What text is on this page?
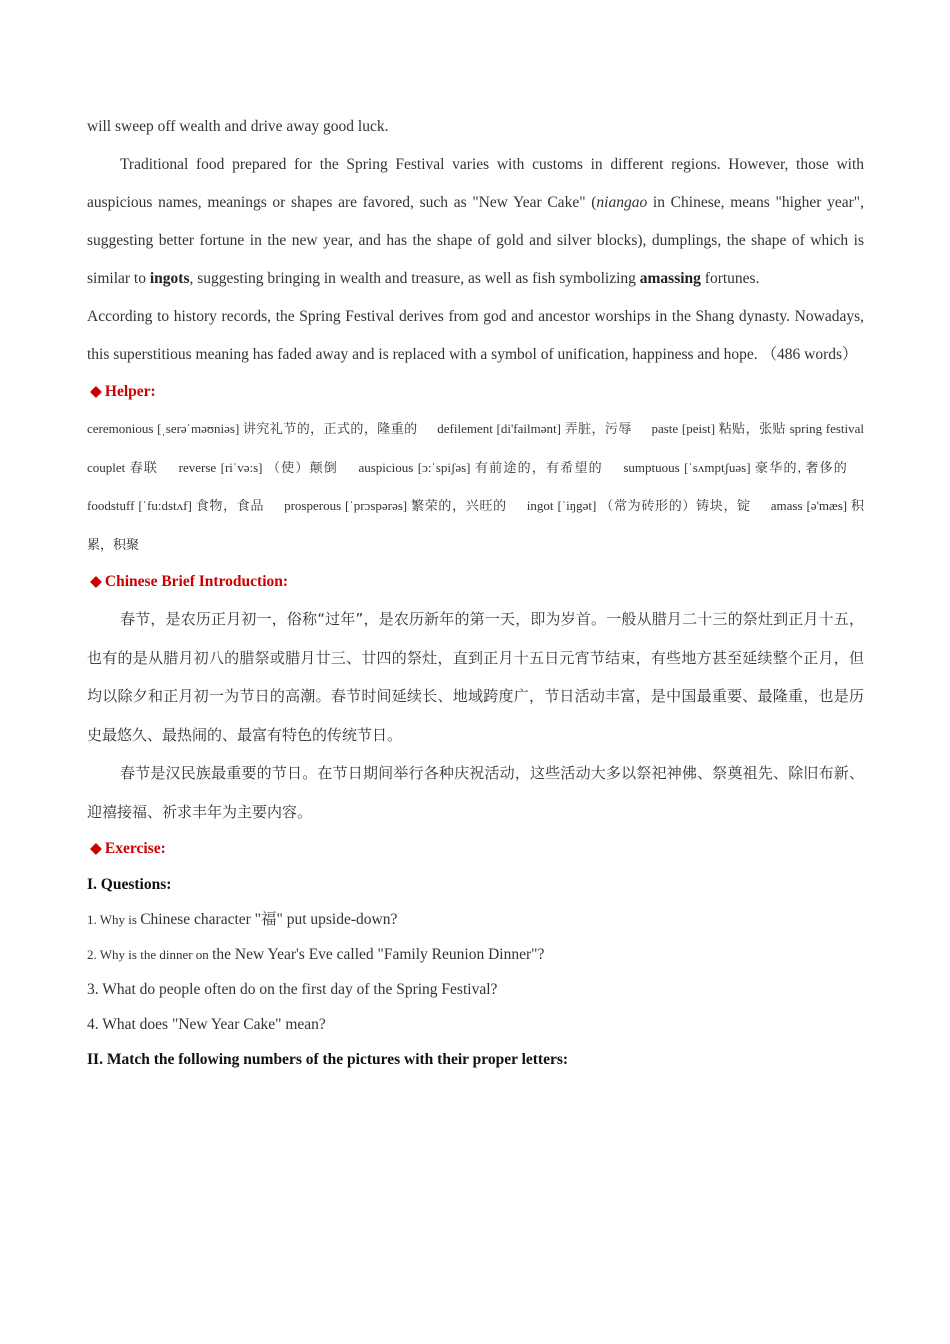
will sweep off wealth and drive away good luck.

Traditional food prepared for the Spring Festival varies with customs in different regions. However, those with auspicious names, meanings or shapes are favored, such as "New Year Cake" (niangao in Chinese, means "higher year", suggesting better fortune in the new year, and has the shape of gold and silver blocks), dumplings, the shape of which is similar to ingots, suggesting bringing in wealth and treasure, as well as fish symbolizing amassing fortunes.

According to history records, the Spring Festival derives from god and ancestor worships in the Shang dynasty. Nowadays, this superstitious meaning has faded away and is replaced with a symbol of unification, happiness and hope. （486 words）

◆ Helper:

ceremonious [ˌserəˈməʊniəs] 讲究礼节的，正式的，隆重的 defilement [di'failmənt] 弄脏，污辱 paste [peist] 粘贴，张贴 spring festival couplet 春联 reverse [riˈvə:s] （使）颠倒 auspicious [ɔ:ˈspiʃəs] 有前途的，有希望的 sumptuous [ˈsʌmptʃuəs] 豪华的, 奢侈的 foodstuff [ˈfu:dstʌf] 食物，食品 prosperous [ˈprɔspərəs] 繁荣的，兴旺的 ingot [ˈiŋgət] （常为砖形的）铸块，锭 amass [ə'mæs] 积累，积聚

◆ Chinese Brief Introduction:

春节，是农历正月初一，俗称“过年”，是农历新年的第一天，即为岁首。一般从腊月二十三的祭灶到正月十五，也有的是从腊月初八的腊祭或腊月廿三、廿四的祭灶，直到正月十五日元宵节结束，有些地方甚至延续整个正月，但均以除夕和正月初一为节日的高潮。春节时间延续长、地域跨度广，节日活动丰富，是中国最重要、最隆重，也是历史最悠久、最热闹的、最富有特色的传统节日。

春节是汉民族最重要的节日。在节日期间举行各种庆祝活动，这些活动大多以祭祀神佛、祭奠祖先、除旧布新、迎禧接福、祈求丰年为主要内容。

◆ Exercise:

I. Questions:

1. Why is Chinese character "福" put upside-down?

2. Why is the dinner on the New Year's Eve called "Family Reunion Dinner"?

3. What do people often do on the first day of the Spring Festival?

4. What does "New Year Cake" mean?

II. Match the following numbers of the pictures with their proper letters:
